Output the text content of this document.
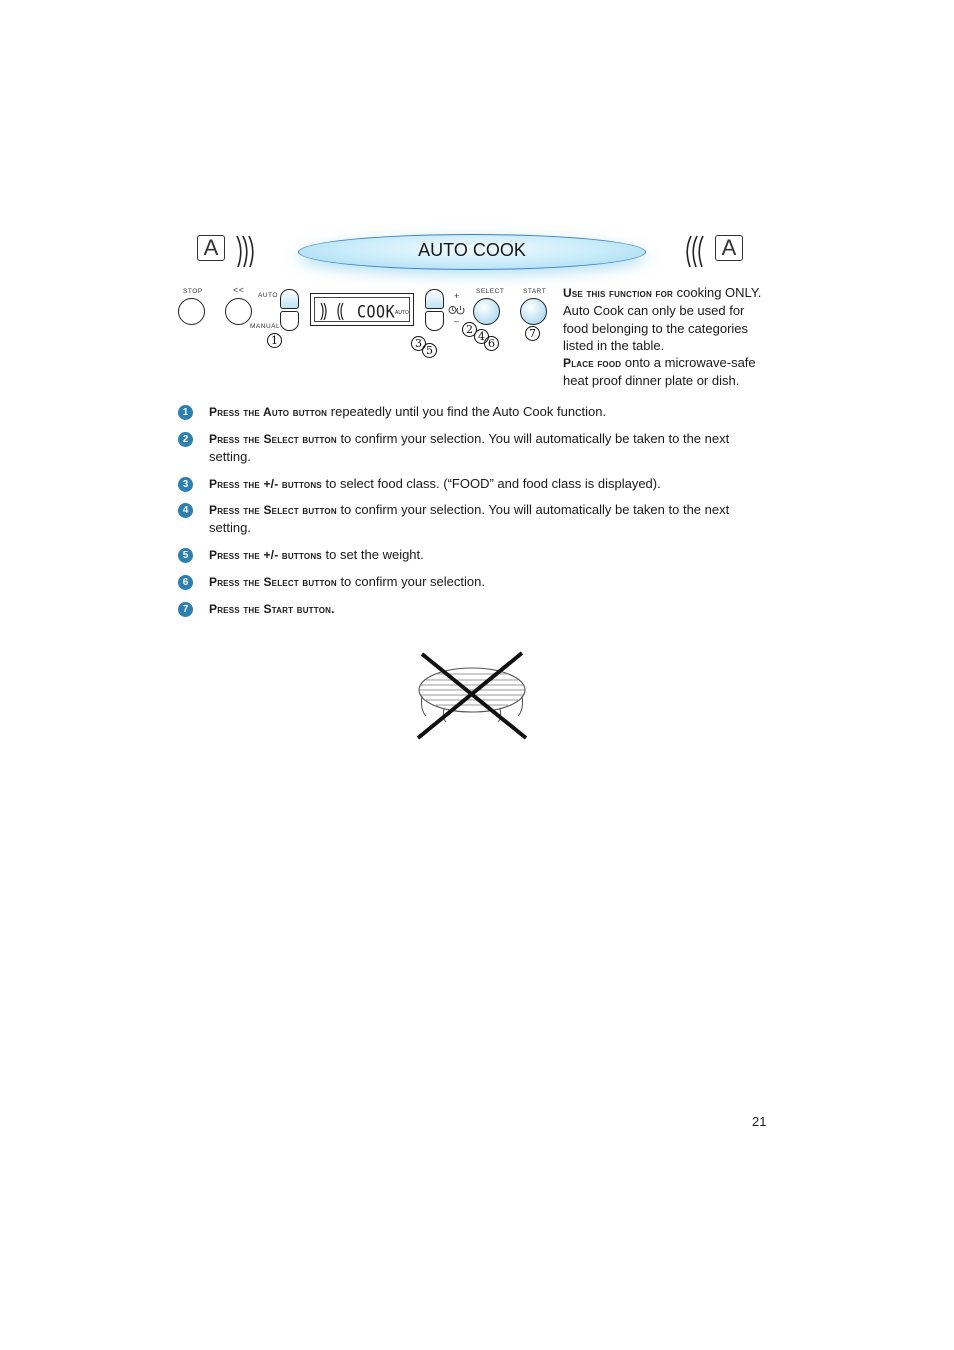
A	AUTO COOK	A
STOP	<<
AUTO
MANUAL
1
COOK AUTO
+
–
3
5
SELECT
2
4
6
START
7
Use this function for cooking ONLY. Auto Cook can only be used for food belonging to the categories listed in the table.
Place food onto a microwave-safe heat proof dinner plate or dish.
1	Press the Auto button repeatedly until you find the Auto Cook function.
2	Press the Select button to confirm your selection. You will automatically be taken to the next setting.
3	Press the +/- buttons to select food class. (“FOOD” and food class is displayed).
4	Press the Select button to confirm your selection. You will automatically be taken to the next setting.
5	Press the +/- buttons to set the weight.
6	Press the Select button to confirm your selection.
7	Press the Start button.
21
